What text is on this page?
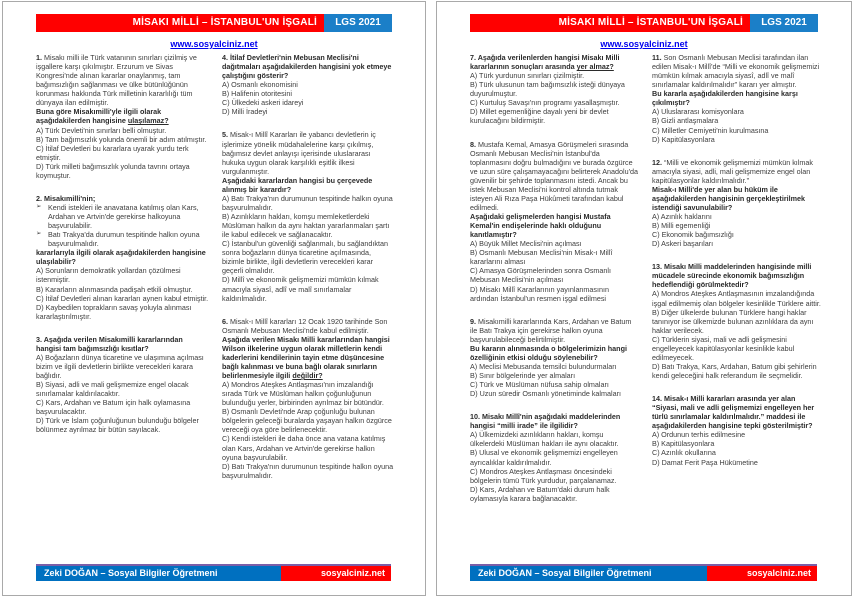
MİSAKI MİLLİ – İSTANBUL'UN İŞGALİ	LGS 2021
www.sosyalciniz.net
1. Misakı milli ile Türk vatanının sınırları çizilmiş ve işgallere karşı çıkılmıştır. Erzurum ve Sivas Kongresi'nde alınan kararlar onaylanmış, tam bağımsızlığın sağlanması ve ülke bütünlüğünün korunması hakkında Türk milletinin kararlılığı tüm dünyaya ilan edilmiştir.
Buna göre Misakımilli'yle ilgili olarak aşağıdakilerden hangisine ulaşılamaz?
A) Türk Devleti'nin sınırları belli olmuştur.
B) Tam bağımsızlık yolunda önemli bir adım atılmıştır.
C) İtilaf Devletleri bu kararlara uyarak yurdu terk etmiştir.
D) Türk milleti bağımsızlık yolunda tavrını ortaya koymuştur.
2. Misakımilli'nin;
➢ Kendi istekleri ile anavatana katılmış olan Kars, Ardahan ve Artvin'de gerekirse halkoyuna başvurulabilir.
➢ Batı Trakya'da durumun tespitinde halkın oyuna başvurulmalıdır.
kararlarıyla ilgili olarak aşağıdakilerden hangisine ulaşılabilir?
A) Sorunların demokratik yollardan çözülmesi istenmiştir.
B) Kararların alınmasında padişah etkili olmuştur.
C) İtilaf Devletleri alınan kararları aynen kabul etmiştir.
D) Kaybedilen toprakların savaş yoluyla alınması kararlaştırılmıştır.
3. Aşağıda verilen Misakımilli kararlarından hangisi tam bağımsızlığı kısıtlar?
A) Boğazların dünya ticaretine ve ulaşımına açılması bizim ve ilgili devletlerin birlikte verecekleri karara bağlıdır.
B) Siyasi, adli ve mali gelişmemize engel olacak sınırlamalar kaldırılacaktır.
C) Kars, Ardahan ve Batum için halk oylamasına başvurulacaktır.
D) Türk ve İslam çoğunluğunun bulunduğu bölgeler bölünmez ayrılmaz bir bütün sayılacak.
4. İtilaf Devletleri'nin Mebusan Meclisi'ni dağıtmaları aşağıdakilerden hangisini yok etmeye çalıştığını gösterir?
A) Osmanlı ekonomisini
B) Halifenin otoritesini
C) Ülkedeki askeri idareyi
D) Milli İradeyi
5. Misak-ı Millî Kararları ile yabancı devletlerin iç işlerimize yönelik müdahalelerine karşı çıkılmış, bağımsız devlet anlayışı içerisinde uluslararası hukuka uygun olarak karşılıklı eşitlik ilkesi vurgulanmıştır.
Aşağıdaki kararlardan hangisi bu çerçevede alınmış bir karardır?
A) Batı Trakya'nın durumunun tespitinde halkın oyuna başvurulmalıdır.
B) Azınlıkların hakları, komşu memleketlerdeki Müslüman halkın da aynı haktan yararlanmaları şartı ile kabul edilecek ve sağlanacaktır.
C) İstanbul'un güvenliği sağlanmalı, bu sağlandıktan sonra boğazların dünya ticaretine açılmasında, bizimle birlikte, ilgili devletlerin verecekleri karar geçerli olmalıdır.
D) Millî ve ekonomik gelişmemizi mümkün kılmak amacıyla siyasî, adlî ve malî sınırlamalar kaldırılmalıdır.
6. Misak-ı Millî kararları 12 Ocak 1920 tarihinde Son Osmanlı Mebusan Meclisi'nde kabul edilmiştir.
Aşağıda verilen Misakı Milli kararlarından hangisi Wilson ilkelerine uygun olarak milletlerin kendi kaderlerini kendilerinin tayin etme düşüncesine bağlı kalınması ve buna bağlı olarak sınırların belirlenmesiyle ilgili değildir?
A) Mondros Ateşkes Antlaşması'nın imzalandığı sırada Türk ve Müslüman halkın çoğunluğunun bulunduğu yerler, birbirinden ayrılmaz bir bütündür.
B) Osmanlı Devleti'nde Arap çoğunluğu bulunan bölgelerin geleceği buralarda yaşayan halkın özgürce vereceği oya göre belirlenecektir.
C) Kendi istekleri ile daha önce ana vatana katılmış olan Kars, Ardahan ve Artvin'de gerekirse halkın oyuna başvurulabilir.
D) Batı Trakya'nın durumunun tespitinde halkın oyuna başvurulmalıdır.
Zeki DOĞAN – Sosyal Bilgiler Öğretmeni	sosyalciniz.net
MİSAKI MİLLİ – İSTANBUL'UN İŞGALİ	LGS 2021
www.sosyalciniz.net
7. Aşağıda verilenlerden hangisi Misakı Milli kararlarının sonuçları arasında yer almaz?
A) Türk yurdunun sınırları çizilmiştir.
B) Türk ulusunun tam bağımsızlık isteği dünyaya duyurulmuştur.
C) Kurtuluş Savaşı'nın programı yasallaşmıştır.
D) Millet egemenliğine dayalı yeni bir devlet kurulacağını bildirmiştir.
8. Mustafa Kemal, Amasya Görüşmeleri sırasında Osmanlı Mebusan Meclisi'nin İstanbul'da toplanmasını doğru bulmadığını ve burada özgürce ve uzun süre çalışamayacağını belirterek Anadolu'da güvenilir bir şehirde toplanmasını istedi. Ancak bu istek Mebusan Meclisi'ni kontrol altında tutmak isteyen Ali Rıza Paşa Hükûmeti tarafından kabul edilmedi.
Aşağıdaki gelişmelerden hangisi Mustafa Kemal'in endişelerinde haklı olduğunu kanıtlamıştır?
A) Büyük Millet Meclisi'nin açılması
B) Osmanlı Mebusan Meclisi'nin Misak-ı Millî kararlarını alması
C) Amasya Görüşmelerinden sonra Osmanlı Mebusan Meclisi'nin açılması
D) Misakı Millî Kararlarının yayınlanmasının ardından İstanbul'un resmen işgal edilmesi
9. Misakımilli kararlarında Kars, Ardahan ve Batum ile Batı Trakya için gerekirse halkın oyuna başvurulabileceği belirtilmiştir.
Bu kararın alınmasında o bölgelerimizin hangi özelliğinin etkisi olduğu söylenebilir?
A) Meclisi Mebusanda temsilci bulundurmaları
B) Sınır bölgelerinde yer almaları
C) Türk ve Müslüman nüfusa sahip olmaları
D) Uzun süredir Osmanlı yönetiminde kalmaları
10. Misakı Millî'nin aşağıdaki maddelerinden hangisi “milli irade” ile ilgilidir?
A) Ülkemizdeki azınlıkların hakları, komşu ülkelerdeki Müslüman hakları ile aynı olacaktır.
B) Ulusal ve ekonomik gelişmemizi engelleyen ayrıcalıklar kaldırılmalıdır.
C) Mondros Ateşkes Antlaşması öncesindeki bölgelerin tümü Türk yurdudur, parçalanamaz.
D) Kars, Ardahan ve Batum'daki durum halk oylamasıyla karara bağlanacaktır.
11. Son Osmanlı Mebusan Meclisi tarafından ilan edilen Misak-ı Millî'de “Milli ve ekonomik gelişmemizi mümkün kılmak amacıyla siyasî, adlî ve malî sınırlamalar kaldırılmalıdır” kararı yer almıştır.
Bu kararla aşağıdakilerden hangisine karşı çıkılmıştır?
A) Uluslararası komisyonlara
B) Gizli antlaşmalara
C) Milletler Cemiyeti'nin kurulmasına
D) Kapitülasyonlara
12. “Milli ve ekonomik gelişmemizi mümkün kılmak amacıyla siyasi, adli, mali gelişmemize engel olan kapitülasyonlar kaldırılmalıdır.”
Misak-ı Milli'de yer alan bu hüküm ile aşağıdakilerden hangisinin gerçekleştirilmek istendiği savunulabilir?
A) Azınlık haklarını
B) Milli egemenliği
C) Ekonomik bağımsızlığı
D) Askeri başarıları
13. Misakı Milli maddelerinden hangisinde milli mücadele sürecinde ekonomik bağımsızlığın hedeflendiği görülmektedir?
A) Mondros Ateşkes Antlaşmasının imzalandığında işgal edilmemiş olan bölgeler kesinlikle Türklere aittir.
B) Diğer ülkelerde bulunan Türklere hangi haklar tanınıyor ise ülkemizde bulunan azınlıklara da aynı haklar verilecek.
C) Türklerin siyasi, mali ve adli gelişmesini engelleyecek kapitülasyonlar kesinlikle kabul edilmeyecek.
D) Batı Trakya, Kars, Ardahan, Batum gibi şehirlerin kendi geleceğini halk referandum ile seçmelidir.
14. Misak-ı Milli kararları arasında yer alan “Siyasi, mali ve adli gelişmemizi engelleyen her türlü sınırlamalar kaldırılmalıdır.” maddesi ile aşağıdakilerden hangisine tepki gösterilmiştir?
A) Ordunun terhis edilmesine
B) Kapitülasyonlara
C) Azınlık okullarına
D) Damat Ferit Paşa Hükümetine
Zeki DOĞAN – Sosyal Bilgiler Öğretmeni	sosyalciniz.net
